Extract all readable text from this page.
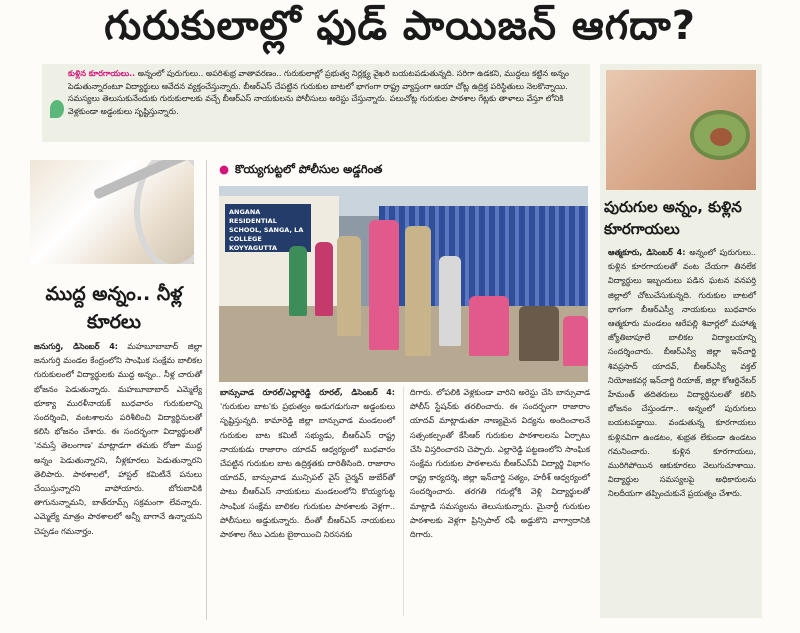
గురుకులాల్లో ఫుడ్ పాయిజన్ ఆగదా?
కుళ్లిన కూరగాయలు.. అన్నంలో పురుగులు.. అపరిశుభ్ర వాతావరణం.. గురుకులాల్లో ప్రభుత్వ నిర్లక్ష్య వైఖరి బయటపడుతున్నది. సరిగా ఉడకని, ముద్దలు కట్టిన అన్నం పెడుతున్నారంటూ విద్యార్థులు ఆవేదన వ్యక్తంచేస్తున్నారు. బీఆర్ఎస్ చేపట్టిన గురుకుల బాటలో భాగంగా రాష్ట్ర వ్యాప్తంగా ఆయా చోట్ల ఉద్రిక్త పరిస్థితులు నెలకొన్నాయి. సమస్యలు తెలుసుకునేందుకు గురుకులాలకు వచ్చే బీఆర్ఎస్ నాయకులను పోలీసులు అరెస్టు చేస్తున్నారు. పలుచోట్ల గురుకుల పాఠశాల గేట్లకు తాళాలు వేస్తూ లోనికి వెళ్లకుండా అడ్డంకులు సృష్టిస్తున్నారు.
ముద్ద అన్నం.. నీళ్ల కూరలు
జనుగుర్తి, డిసెంబర్ 4: మహబూబాబాద్ జిల్లా జనుగుర్తి మండల కేంద్రంలోని సాంఘిక సంక్షేమ బాలికల గురుకులంలో విద్యార్థులకు ముద్ద అన్నం.. నీళ్ల చారుతో భోజనం పెడుతున్నారు. మహబూబాబాద్ ఎమ్మెల్యే భూక్యా మురళీనాయక్ బుధవారం గురుకులాన్ని సందర్శించి, వంటశాలను పరిశీలించి విద్యార్థినులతో కలిసి భోజనం చేశారు. ఈ సందర్భంగా విద్యార్థులతో 'నమస్తే తెలంగాణ' మాట్లాడగా తమకు రోజూ ముద్ద అన్నం పెడుతున్నారని, నీళ్లకూరలు పెడుతున్నారని తెలిపారు. పాఠశాలలో, హాస్టల్ కమిటీనే పనులు చేయిస్తున్నారని వాపోయారు. బోరుబావికి తాగునున్నామని, బాత్‌రూమ్స్ సక్రమంగా లేవన్నారు. ఎమ్మెల్యే మాత్రం పాఠశాలలో అన్నీ బాగానే ఉన్నాయని చెప్పడం గమనార్హం.
● కొయ్యగుట్టలో పోలీసుల అడ్డగింత
ANGANA RESIDENTIAL SCHOOL, SANGA, LA COLLEGE KOYYAGUTTA
బాన్సువాడ రూరల్/ఎల్లారెడ్డి రూరల్, డిసెంబర్ 4: 'గురుకుల బాట'కు ప్రభుత్వం అడుగడుగునా అడ్డంకులు సృష్టిస్తున్నది. కామారెడ్డి జిల్లా బాన్సువాడ మండలంలో గురుకుల బాట కమిటీ సభ్యుడు, బీఆర్ఎస్ రాష్ట్ర నాయకుడు రాజారాం యాదవ్ ఆధ్వర్యంలో బుధవారం చేపట్టిన గురుకుల బాట ఉద్రిక్తతకు దారితీసింది. రాజారాం యాదవ్, బాన్సువాడ మున్సిపల్ వైస్ చైర్మన్ జుబేర్‌తో పాటు బీఆర్ఎస్ నాయకులు మండలంలోని కొయ్యగుట్ట సాంఘిక సంక్షేమ బాలికల గురుకుల పాఠశాలకు వెళ్లగా.. పోలీసులు అడ్డుకున్నారు. దీంతో బీఆర్ఎస్ నాయకులు పాఠశాల గేటు ఎదుట బైఠాయించి నిరసనకు
దిగారు. లోపలికి వెళ్లకుండా వారిని అరెస్టు చేసి బాన్సువాడ పోలీస్ స్టేషన్‌కు తరలించారు. ఈ సందర్భంగా రాజారాం యాదవ్ మాట్లాడుతూ నాణ్యమైన విద్యను అందించాలనే సత్సంకల్పంతో కేసీఆర్ గురుకుల పాఠశాలలను ఏర్పాటు చేసి విస్తరించారని చెప్పారు. ఎల్లారెడ్డి పట్టణంలోని సాంఘిక సంక్షేమ గురుకుల పాఠశాలను బీఆర్ఎస్‌వీ విద్యార్థి విభాగం రాష్ట్ర కార్యదర్శి, జిల్లా ఇన్‌చార్జి సత్యం, హరీశ్ ఆధ్వర్యంలో సందర్శించారు. తరగతి గదుల్లోకి వెళ్లి విద్యార్థులతో మాట్లాడి సమస్యలను తెలుసుకున్నారు. మైనార్టీ గురుకుల పాఠశాలకు వెళ్లగా ప్రిన్సిపాల్ రఫీ అడ్డుకొని వాగ్వాదానికి దిగారు.
పురుగుల అన్నం, కుళ్లిన కూరగాయలు
ఆత్మకూరు, డిసెంబర్ 4: అన్నంలో పురుగులు.. కుళ్లిన కూరగాయలతో వంట చేయగా తినలేక విద్యార్థులు ఇబ్బందులు పడిన ఘటన వనపర్తి జిల్లాలో చోటుచేసుకున్నది. గురుకుల బాటలో భాగంగా బీఆర్ఎస్వీ నాయకులు బుధవారం ఆత్మకూరు మండలం ఆరేపల్లి శివార్లలో మహాత్మ జ్యోతిబాపూలే బాలికల విద్యాలయాన్ని సందర్శించారు. బీఆర్ఎస్వీ జిల్లా ఇన్‌చార్జి శివప్రసాద్ యాదవ్, బీఆర్ఎస్వీ వక్తల్ నియోజకవర్గ ఇన్‌చార్జి రియాజ్, జిల్లా కోఆర్డినేటర్ హేమంత్ తదితరులు విద్యార్థినులతో కలిసి భోజనం చేస్తుండగా.. అన్నంలో పురుగులు బయటపడ్డాయి. వండుతున్న కూరగాయలు కుళ్లినవిగా ఉండటం, శుభ్రత లేకుండా ఉండటం గమనించారు. కుళ్లిన కూరగాయలు, మురిగిపోయిన ఆకుకూరలు వెలుగుచూశాయి. విద్యార్థుల సమస్యలపై అధికారులను నిలదీయగా తప్పించుకునే ప్రయత్నం చేశారు.
